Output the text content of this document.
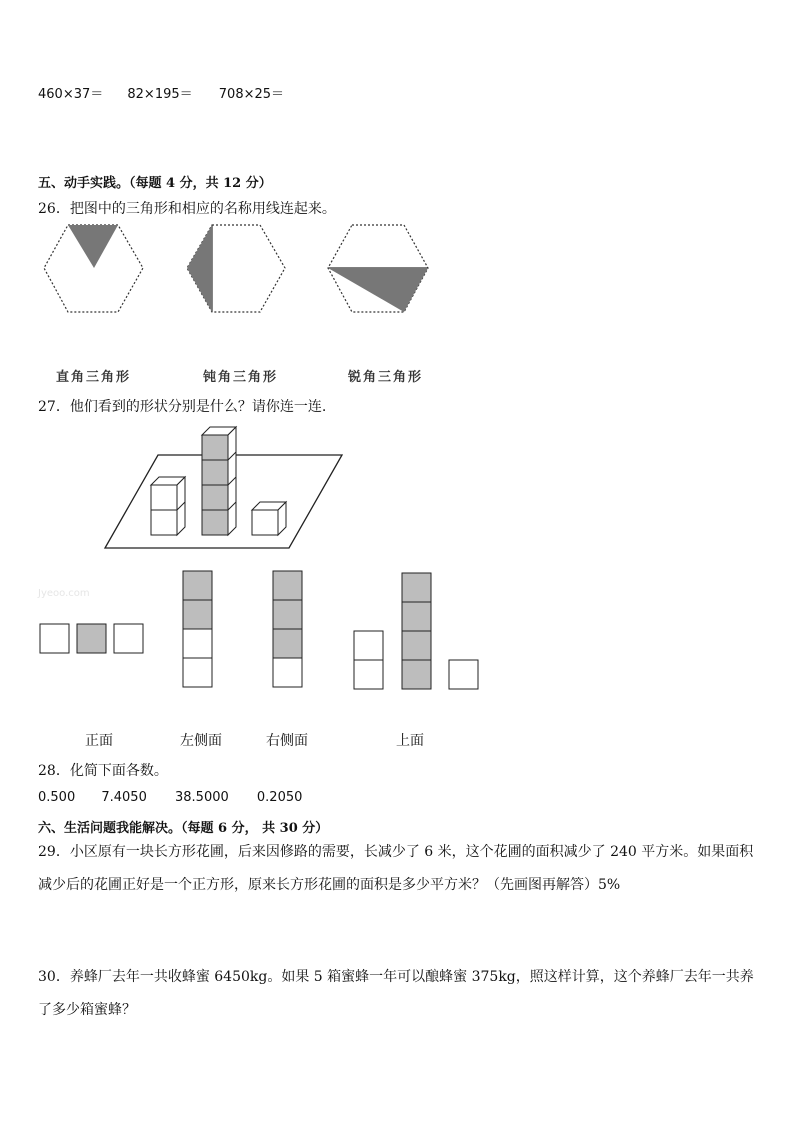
460×37＝ 82×195＝ 708×25＝
五、动手实践。（每题 4 分，共 12 分）
26．把图中的三角形和相应的名称用线连起来。
直角三角形	钝角三角形	锐角三角形
27．他们看到的形状分别是什么？请你连一连.
Jyeoo.com
正面	左侧面	右侧面	上面
28．化简下面各数。
0.500 7.4050 38.5000 0.2050
六、生活问题我能解决。（每题 6 分， 共 30 分）
29．小区原有一块长方形花圃，后来因修路的需要，长减少了 6 米，这个花圃的面积减少了 240 平方米。如果面积减少后的花圃正好是一个正方形，原来长方形花圃的面积是多少平方米？（先画图再解答）5%
30．养蜂厂去年一共收蜂蜜 6450kg。如果 5 箱蜜蜂一年可以酿蜂蜜 375kg，照这样计算，这个养蜂厂去年一共养了多少箱蜜蜂？
